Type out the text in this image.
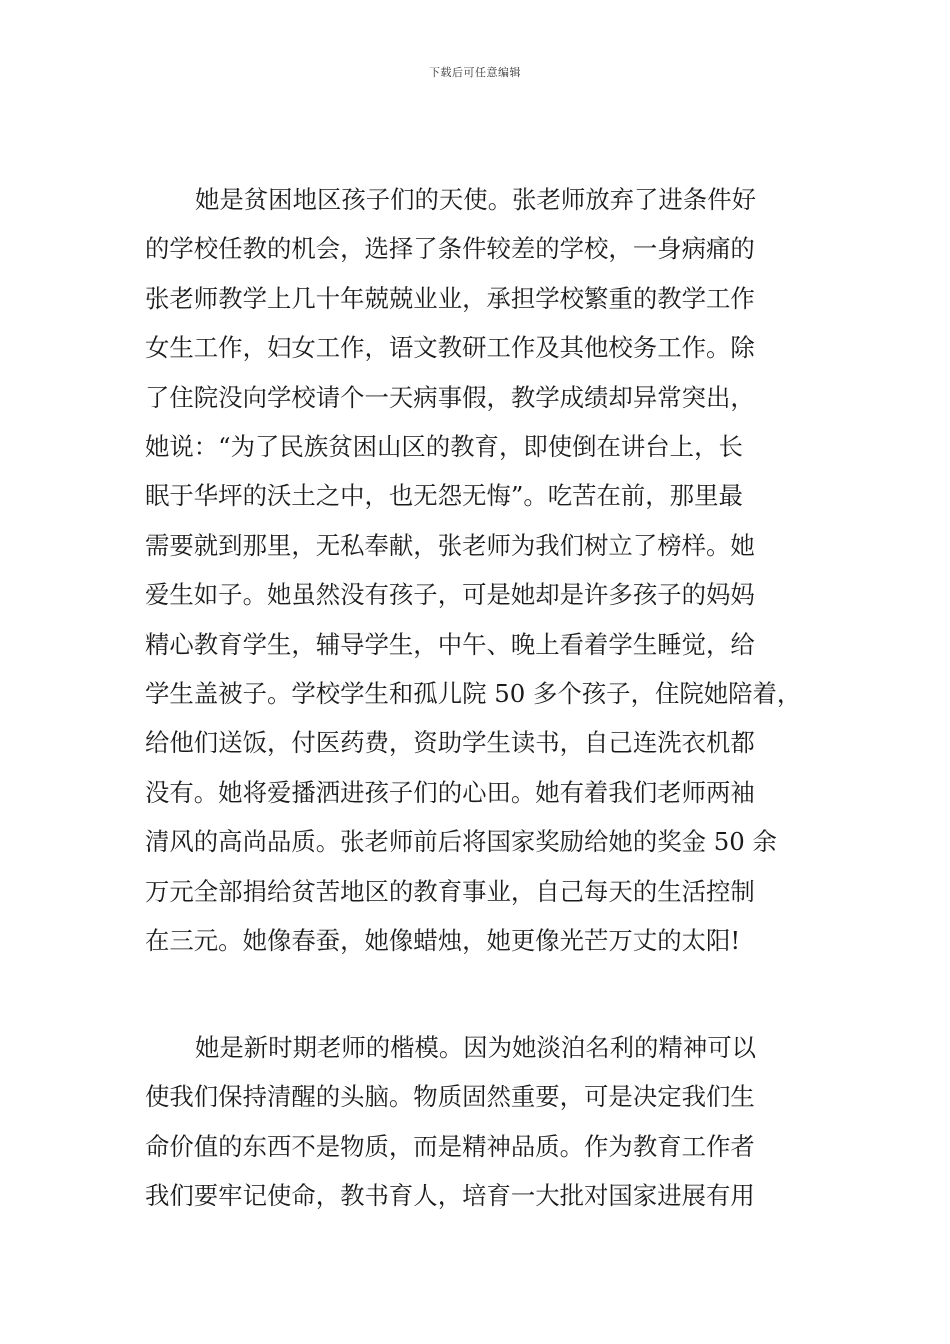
下载后可任意编辑
她是贫困地区孩子们的天使。张老师放弃了进条件好
的学校任教的机会，选择了条件较差的学校，一身病痛的
张老师教学上几十年兢兢业业，承担学校繁重的教学工作
女生工作，妇女工作，语文教研工作及其他校务工作。除
了住院没向学校请个一天病事假，教学成绩却异常突出，
她说：“为了民族贫困山区的教育，即使倒在讲台上，长
眠于华坪的沃土之中，也无怨无悔”。吃苦在前，那里最
需要就到那里，无私奉献，张老师为我们树立了榜样。她
爱生如子。她虽然没有孩子，可是她却是许多孩子的妈妈
精心教育学生，辅导学生，中午、晚上看着学生睡觉，给
学生盖被子。学校学生和孤儿院 50 多个孩子，住院她陪着，
给他们送饭，付医药费，资助学生读书，自己连洗衣机都
没有。她将爱播洒进孩子们的心田。她有着我们老师两袖
清风的高尚品质。张老师前后将国家奖励给她的奖金 50 余
万元全部捐给贫苦地区的教育事业，自己每天的生活控制
在三元。她像春蚕，她像蜡烛，她更像光芒万丈的太阳!
她是新时期老师的楷模。因为她淡泊名利的精神可以
使我们保持清醒的头脑。物质固然重要，可是决定我们生
命价值的东西不是物质，而是精神品质。作为教育工作者
我们要牢记使命，教书育人，培育一大批对国家进展有用
